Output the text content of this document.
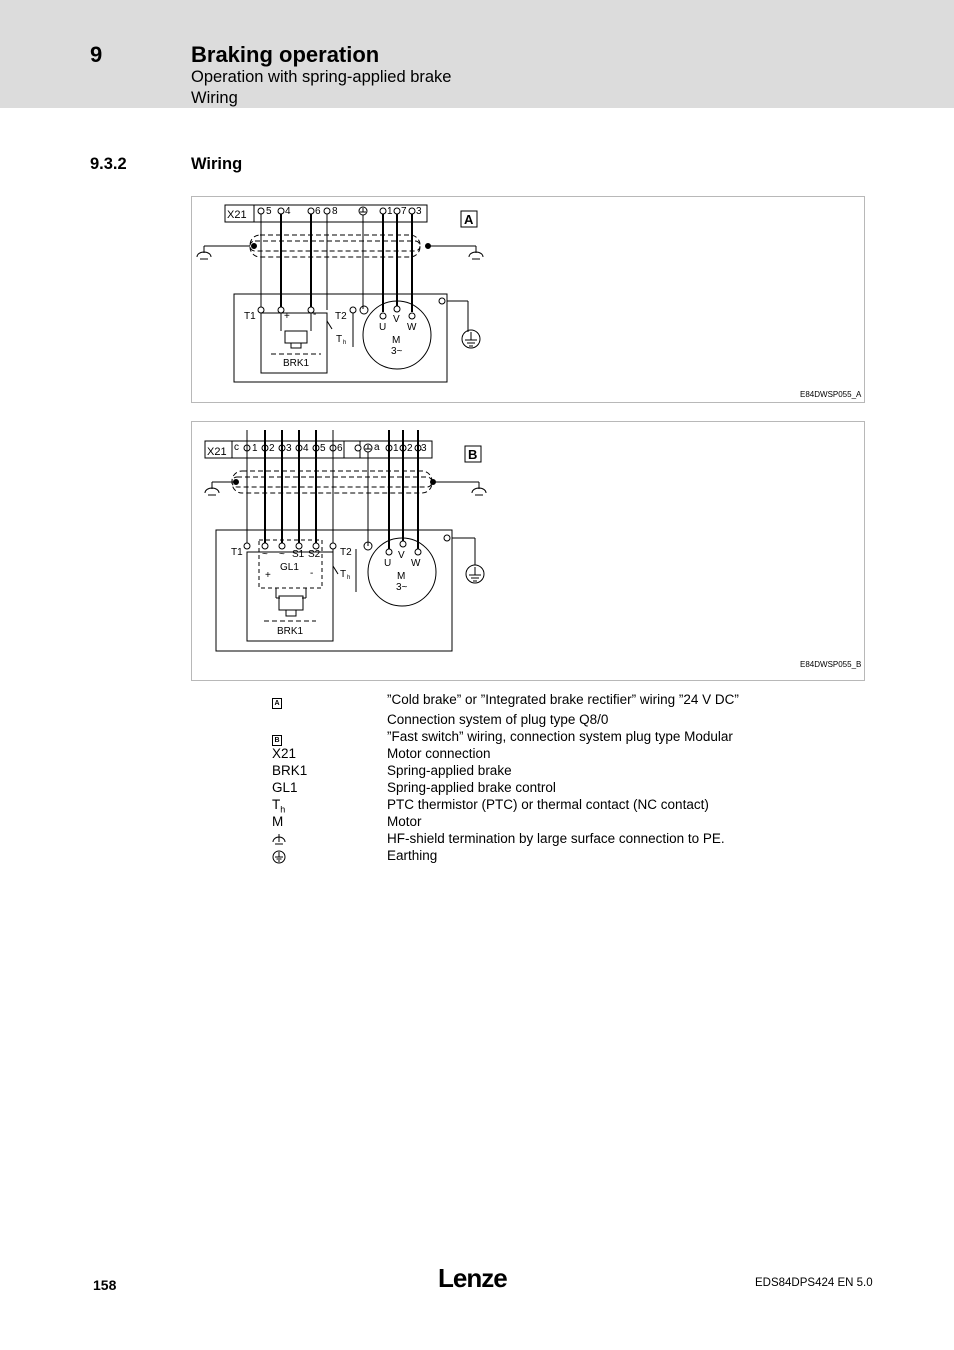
9	Braking operation
Operation with spring-applied brake
Wiring
9.3.2	Wiring
X21 5 4 6 8	1 7 3
A
T1	+ - T2
T h
BRK1
U
V
W
M
3~
E84DWSP055_A
X21 c 1 2 3 4 5 6	a 1 2 3	B
T1 ~ ~ S1 S2 T2
GL1
+	-	T h
BRK1
U
V
W
M
3~
E84DWSP055_B
A	”Cold brake” or ”Integrated brake rectifier” wiring ”24 V DC”
Connection system of plug type Q8/0
B	”Fast switch” wiring, connection system plug type Modular
X21	Motor connection
BRK1	Spring-applied brake
GL1	Spring-applied brake control
$T_h$	PTC thermistor (PTC) or thermal contact (NC contact)
M	Motor
HF-shield termination by large surface connection to PE.
Earthing
158	Lenze	EDS84DPS424 EN 5.0
